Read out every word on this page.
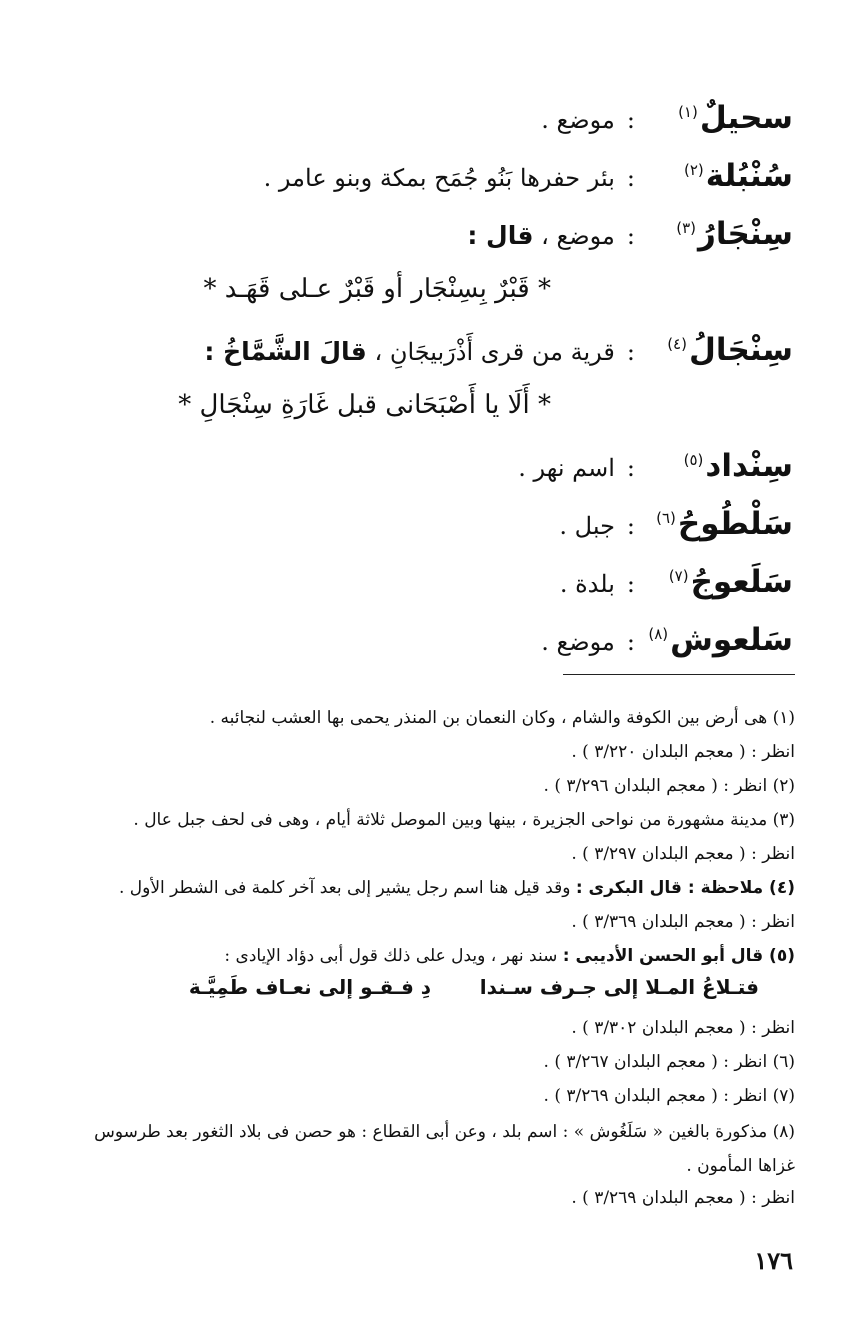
سحيلٌ$^{(١)}$
:
موضع .
سُنْبُلة$^{(٢)}$
:
بئر حفرها بَنُو جُمَح بمكة وبنو عامر .
سِنْجَارُ$^{(٣)}$
:
موضع ، قال :
* قَبْرٌ بِسِنْجَار أو قَبْرٌ عـلى قَهَـد *
سِنْجَالُ$^{(٤)}$
:
قرية من قرى أَذْرَبيجَانِ ، قالَ الشَّمَّاخُ :
* أَلَا يا أَصْبَحَانى قبل غَارَةِ سِنْجَالِ *
سِنْداد$^{(٥)}$
:
اسم نهر .
سَلْطُوحُ$^{(٦)}$
:
جبل .
سَلَعوجُ$^{(٧)}$
:
بلدة .
سَلعوش$^{(٨)}$
:
موضع .
(١) هى أرض بين الكوفة والشام ، وكان النعمان بن المنذر يحمى بها العشب لنجائبه .
انظر : ( معجم البلدان ٣/٢٢٠ ) .
(٢) انظر : ( معجم البلدان ٣/٢٩٦ ) .
(٣) مدينة مشهورة من نواحى الجزيرة ، بينها وبين الموصل ثلاثة أيام ، وهى فى لحف جبل عال .
انظر : ( معجم البلدان ٣/٢٩٧ ) .
(٤) ملاحظة : قال البكرى : وقد قيل هنا اسم رجل يشير إلى بعد آخر كلمة فى الشطر الأول .
انظر : ( معجم البلدان ٣/٣٦٩ ) .
(٥) قال أبو الحسن الأديبى : سند نهر ، ويدل على ذلك قول أبى دؤاد الإيادى :
فتـلاعُ المـلا إلى جـرف سـندا       دِ فـقـو إلى نعـاف طَمِيَّـة
انظر : ( معجم البلدان ٣/٣٠٢ ) .
(٦) انظر : ( معجم البلدان ٣/٢٦٧ ) .
(٧) انظر : ( معجم البلدان ٣/٢٦٩ ) .
(٨) مذكورة بالغين « سَلَغُوش » : اسم بلد ، وعن أبى القطاع : هو حصن فى بلاد الثغور بعد طرسوس غزاها المأمون .
انظر : ( معجم البلدان ٣/٢٦٩ ) .
١٧٦
